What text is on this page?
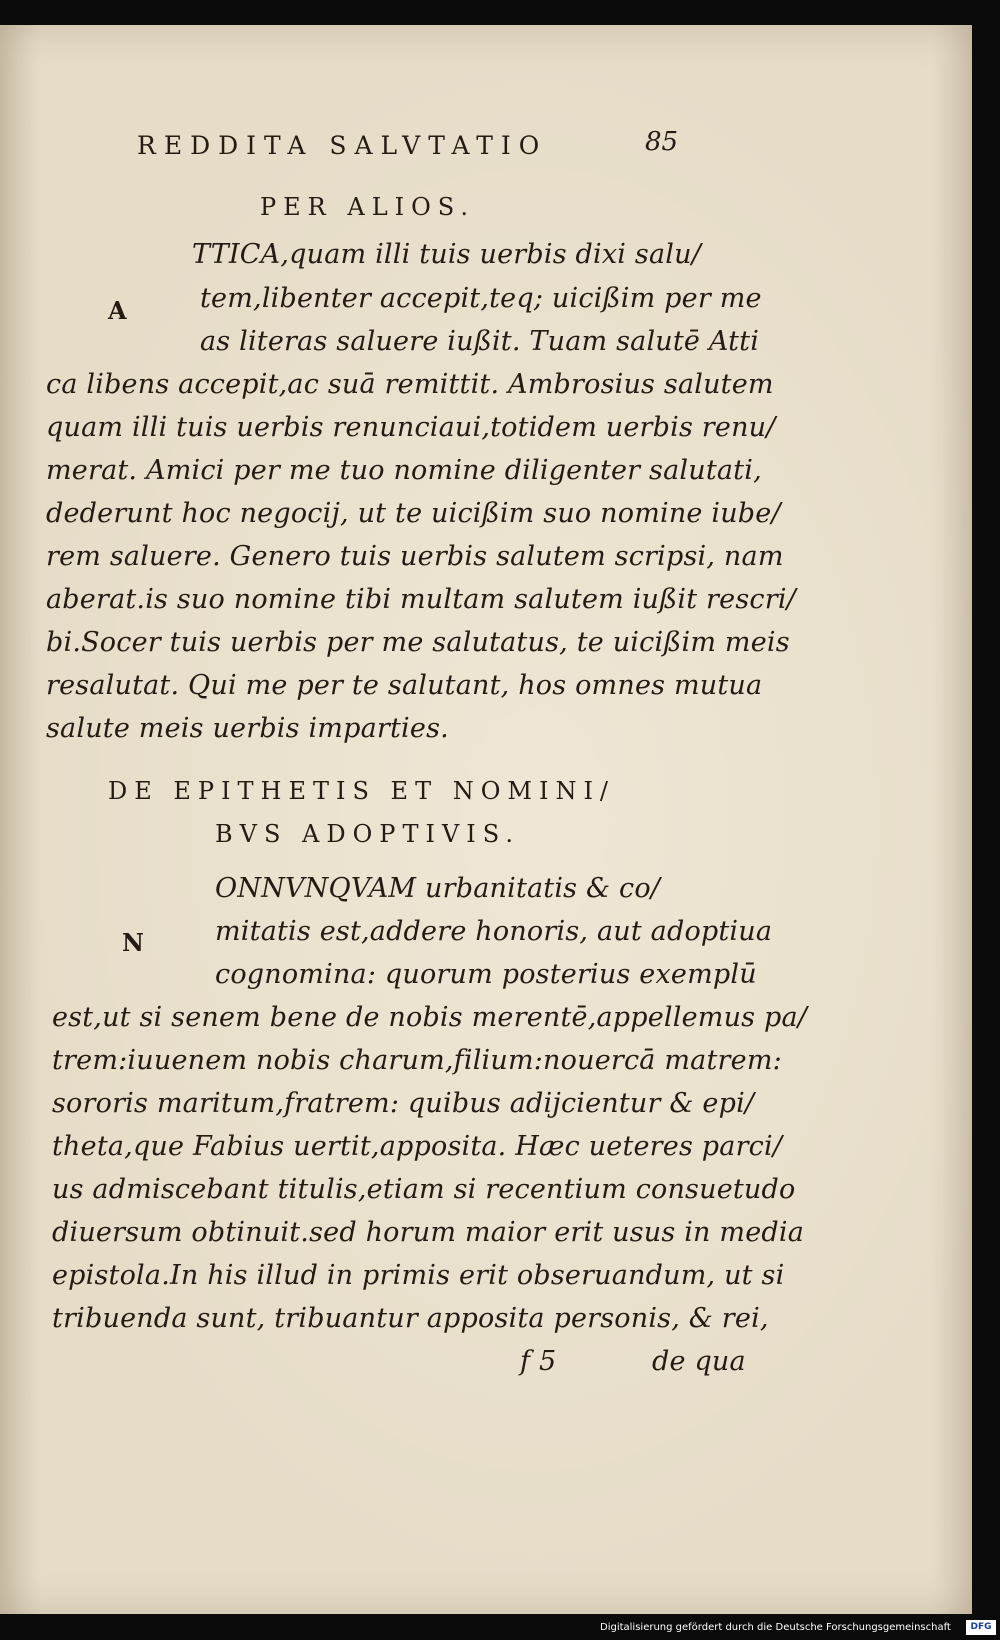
REDDITA SALVTATIO	85
PER ALIOS.
A
TTICA,quam illi tuis uerbis dixi salu/
tem,libenter accepit,teq; uicißim per me
as literas saluere iußit. Tuam salutē Atti
ca libens accepit,ac suā remittit. Ambrosius salutem
quam illi tuis uerbis renunciaui,totidem uerbis renu/
merat. Amici per me tuo nomine diligenter salutati,
dederunt hoc negocij, ut te uicißim suo nomine iube/
rem saluere. Genero tuis uerbis salutem scripsi, nam
aberat.is suo nomine tibi multam salutem iußit rescri/
bi.Socer tuis uerbis per me salutatus, te uicißim meis
resalutat. Qui me per te salutant, hos omnes mutua
salute meis uerbis imparties.
DE EPITHETIS ET NOMINI/
BVS ADOPTIVIS.
N
ONNVNQVAM urbanitatis & co/
mitatis est,addere honoris, aut adoptiua
cognomina: quorum posterius exemplū
est,ut si senem bene de nobis merentē,appellemus pa/
trem:iuuenem nobis charum,filium:nouercā matrem:
sororis maritum,fratrem: quibus adijcientur & epi/
theta,que Fabius uertit,apposita. Hæc ueteres parci/
us admiscebant titulis,etiam si recentium consuetudo
diuersum obtinuit.sed horum maior erit usus in media
epistola.In his illud in primis erit obseruandum, ut si
tribuenda sunt, tribuantur apposita personis, & rei,
f 5	de qua
Digitalisierung gefördert durch die Deutsche Forschungsgemeinschaft	DFG
